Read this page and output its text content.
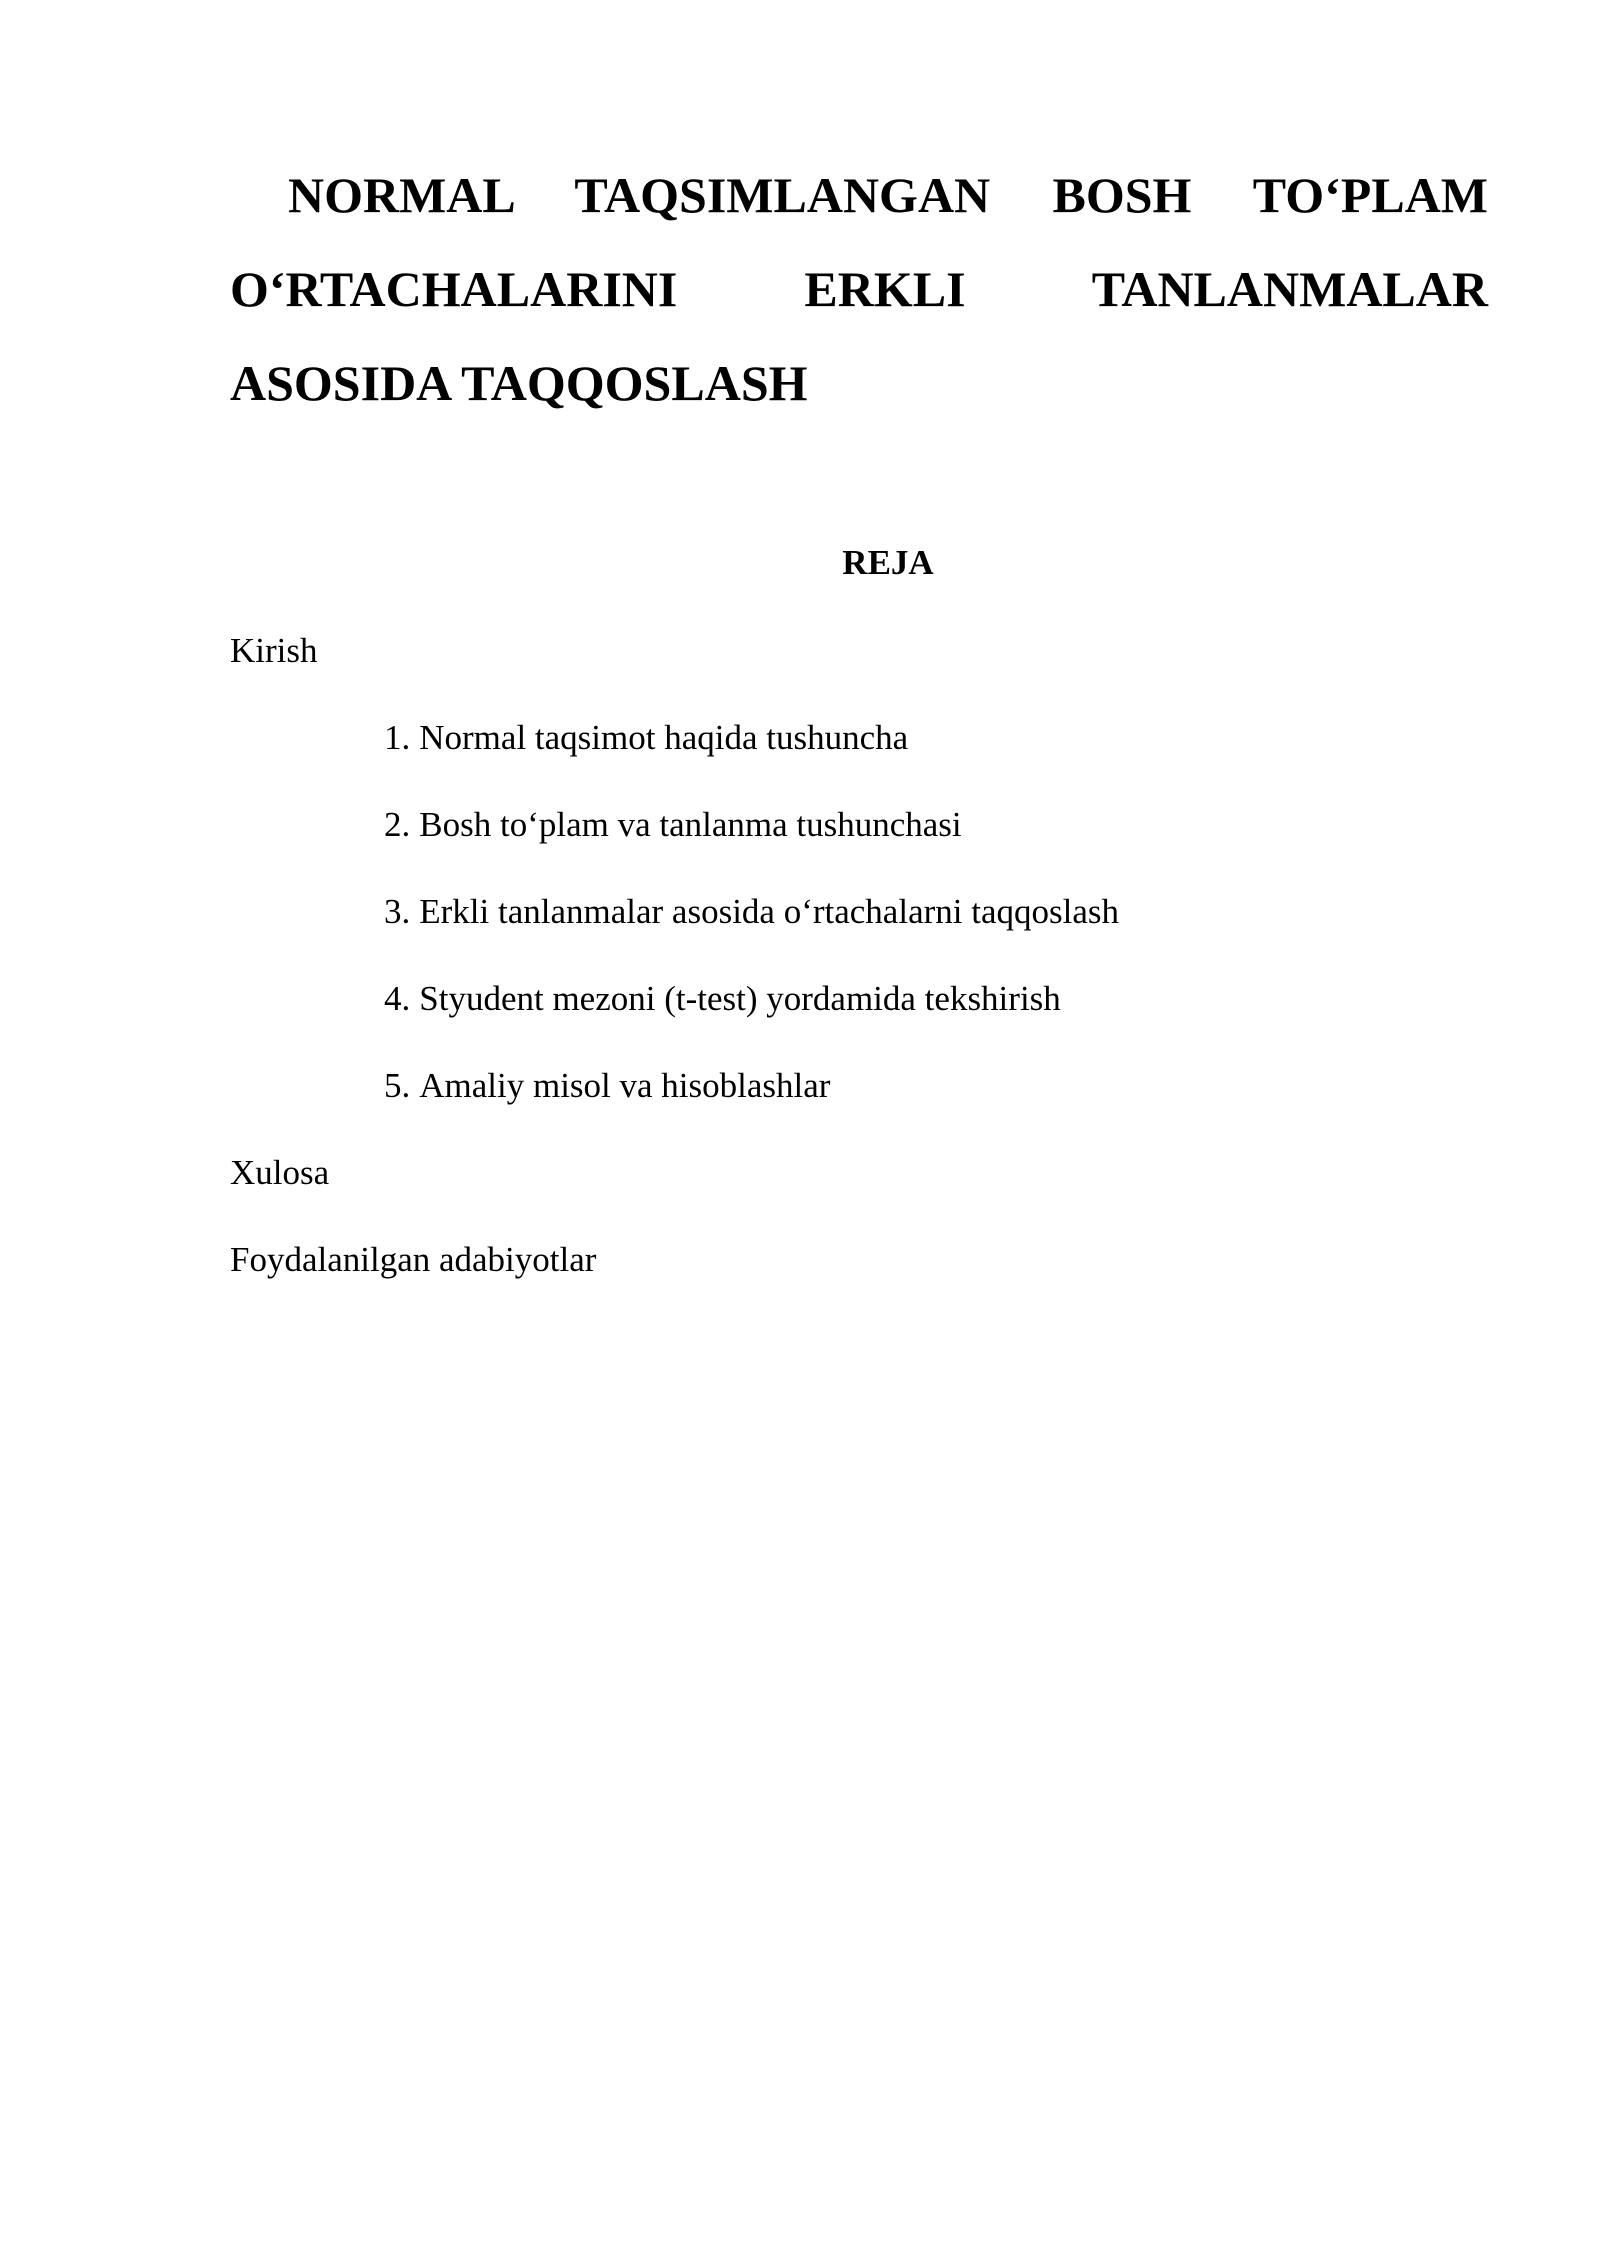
NORMAL TAQSIMLANGAN BOSH TO‘PLAM O‘RTACHALARINI ERKLI TANLANMALAR ASOSIDA TAQQOSLASH
REJA
Kirish
1. Normal taqsimot haqida tushuncha
2. Bosh to‘plam va tanlanma tushunchasi
3. Erkli tanlanmalar asosida o‘rtachalarni taqqoslash
4. Styudent mezoni (t-test) yordamida tekshirish
5. Amaliy misol va hisoblashlar
Xulosa
Foydalanilgan adabiyotlar
